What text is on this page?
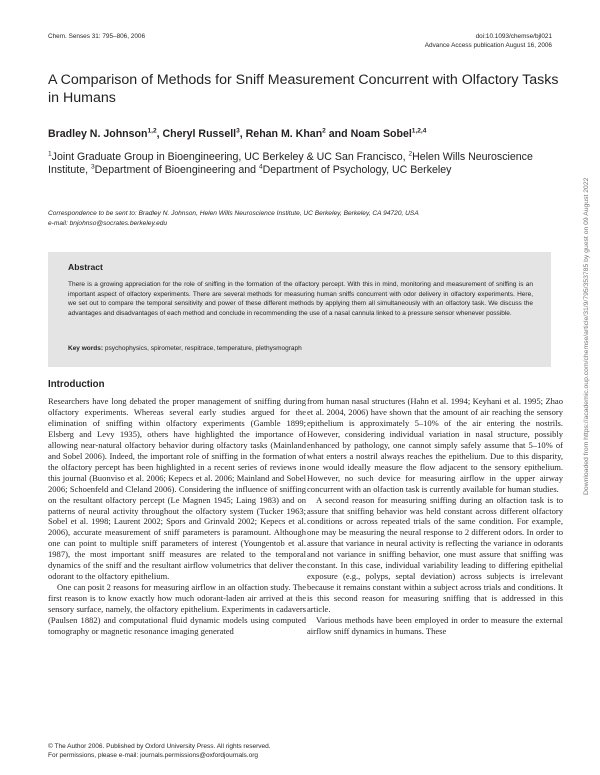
Chem. Senses 31: 795–806, 2006	doi:10.1093/chemse/bjl021
Advance Access publication August 16, 2006
A Comparison of Methods for Sniff Measurement Concurrent with Olfactory Tasks in Humans
Bradley N. Johnson$^{1,2}$, Cheryl Russell$^3$, Rehan M. Khan$^2$ and Noam Sobel$^{1,2,4}$
$^1$Joint Graduate Group in Bioengineering, UC Berkeley & UC San Francisco, $^2$Helen Wills Neuroscience Institute, $^3$Department of Bioengineering and $^4$Department of Psychology, UC Berkeley
Correspondence to be sent to: Bradley N. Johnson, Helen Wills Neuroscience Institute, UC Berkeley, Berkeley, CA 94720, USA
e-mail: bnjohnso@socrates.berkeley.edu
Abstract
There is a growing appreciation for the role of sniffing in the formation of the olfactory percept. With this in mind, monitoring and measurement of sniffing is an important aspect of olfactory experiments. There are several methods for measuring human sniffs concurrent with odor delivery in olfactory experiments. Here, we set out to compare the temporal sensitivity and power of these different methods by applying them all simultaneously with an olfactory task. We discuss the advantages and disadvantages of each method and conclude in recommending the use of a nasal cannula linked to a pressure sensor whenever possible.
Key words: psychophysics, spirometer, respitrace, temperature, plethysmograph
Introduction

Researchers have long debated the proper management of sniffing during olfactory experiments. Whereas several early studies argued for the elimination of sniffing within olfactory experiments (Gamble 1899; Elsberg and Levy 1935), others have highlighted the importance of allowing near-natural olfactory behavior during olfactory tasks (Mainland and Sobel 2006). Indeed, the important role of sniffing in the formation of the olfactory percept has been highlighted in a recent series of reviews in this journal (Buonviso et al. 2006; Kepecs et al. 2006; Mainland and Sobel 2006; Schoenfeld and Cleland 2006). Considering the influence of sniffing on the resultant olfactory percept (Le Magnen 1945; Laing 1983) and on patterns of neural activity throughout the olfactory system (Tucker 1963; Sobel et al. 1998; Laurent 2002; Spors and Grinvald 2002; Kepecs et al. 2006), accurate measurement of sniff parameters is paramount. Although one can point to multiple sniff parameters of interest (Youngentob et al. 1987), the most important sniff measures are related to the temporal dynamics of the sniff and the resultant airflow volumetrics that deliver the odorant to the olfactory epithelium.

One can posit 2 reasons for measuring airflow in an olfaction study. The first reason is to know exactly how much odorant-laden air arrived at the sensory surface, namely, the olfactory epithelium. Experiments in cadavers (Paulsen 1882) and computational fluid dynamic models using computed tomography or magnetic resonance imaging generated

from human nasal structures (Hahn et al. 1994; Keyhani et al. 1995; Zhao et al. 2004, 2006) have shown that the amount of air reaching the sensory epithelium is approximately 5–10% of the air entering the nostrils. However, considering individual variation in nasal structure, possibly enhanced by pathology, one cannot simply safely assume that 5–10% of what enters a nostril always reaches the epithelium. Due to this disparity, one would ideally measure the flow adjacent to the sensory epithelium. However, no such device for measuring airflow in the upper airway concurrent with an olfaction task is currently available for human studies.

A second reason for measuring sniffing during an olfaction task is to assure that sniffing behavior was held constant across different olfactory conditions or across repeated trials of the same condition. For example, one may be measuring the neural response to 2 different odors. In order to assure that variance in neural activity is reflecting the variance in odorants and not variance in sniffing behavior, one must assure that sniffing was constant. In this case, individual variability leading to differing epithelial exposure (e.g., polyps, septal deviation) across subjects is irrelevant because it remains constant within a subject across trials and conditions. It is this second reason for measuring sniffing that is addressed in this article.

Various methods have been employed in order to measure the external airflow sniff dynamics in humans. These

© The Author 2006. Published by Oxford University Press. All rights reserved.
For permissions, please e-mail: journals.permissions@oxfordjournals.org
Downloaded from https://academic.oup.com/chemse/article/31/9/795/353785 by guest on 09 August 2022
